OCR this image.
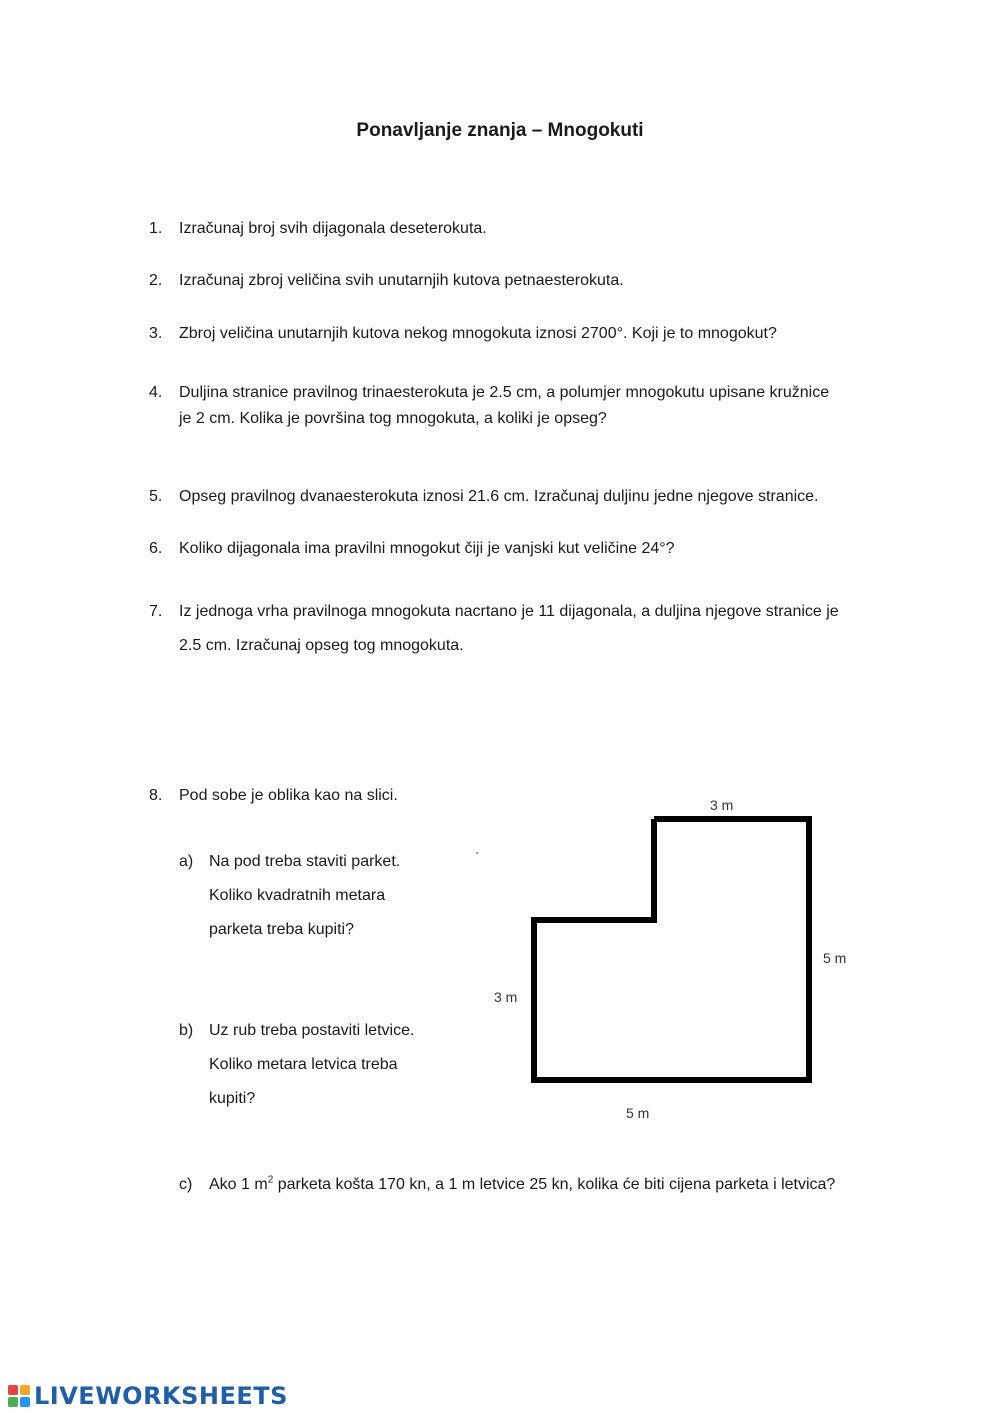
Ponavljanje znanja – Mnogokuti
1. Izračunaj broj svih dijagonala deseterokuta.
2. Izračunaj zbroj veličina svih unutarnjih kutova petnaesterokuta.
3. Zbroj veličina unutarnjih kutova nekog mnogokuta iznosi 2700°. Koji je to mnogokut?
4. Duljina stranice pravilnog trinaesterokuta je 2.5 cm, a polumjer mnogokutu upisane kružnice
je 2 cm. Kolika je površina tog mnogokuta, a koliki je opseg?
5. Opseg pravilnog dvanaesterokuta iznosi 21.6 cm. Izračunaj duljinu jedne njegove stranice.
6. Koliko dijagonala ima pravilni mnogokut čiji je vanjski kut veličine 24°?
7. Iz jednoga vrha pravilnoga mnogokuta nacrtano je 11 dijagonala, a duljina njegove stranice je
2.5 cm. Izračunaj opseg tog mnogokuta.
8. Pod sobe je oblika kao na slici.
a) Na pod treba staviti parket.
Koliko kvadratnih metara
parketa treba kupiti?
b) Uz rub treba postaviti letvice.
Koliko metara letvica treba
kupiti?
c) Ako 1 $m^2$ parketa košta 170 kn, a 1 m letvice 25 kn, kolika će biti cijena parketa i letvica?
3 m
5 m
3 m
5 m
LIVEWORKSHEETS
